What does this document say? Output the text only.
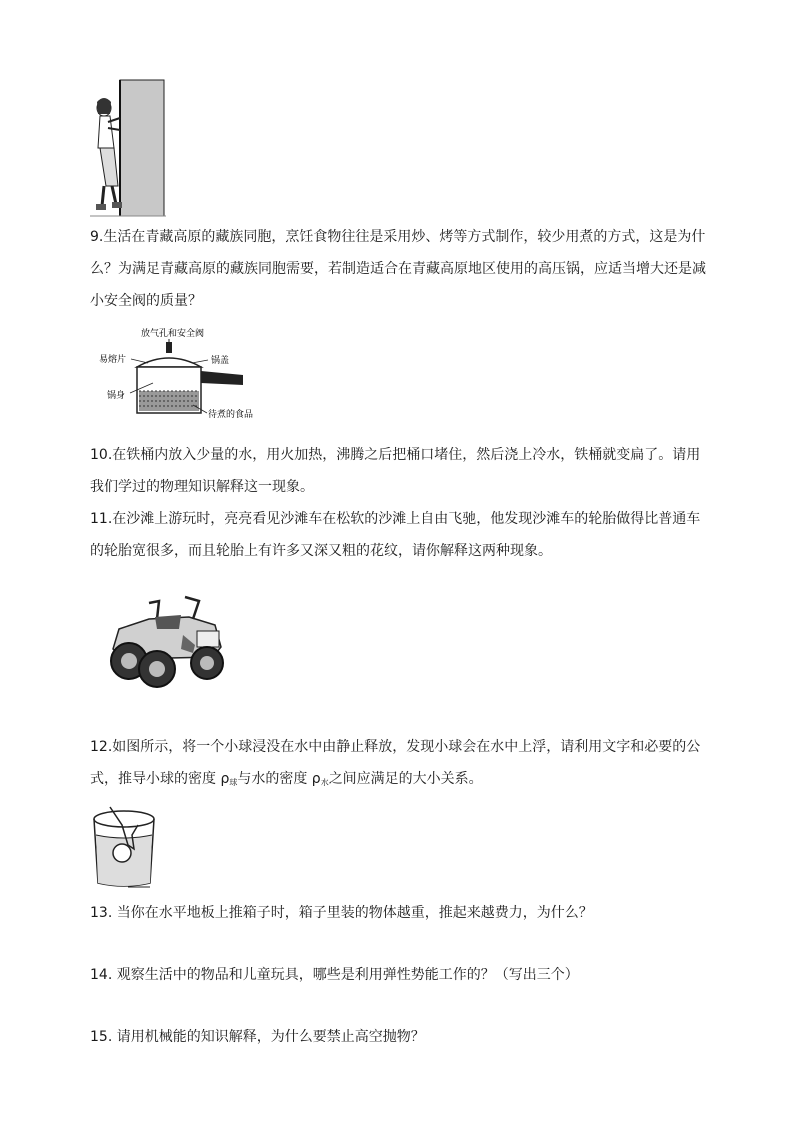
9.生活在青藏高原的藏族同胞，烹饪食物往往是采用炒、烤等方式制作，较少用煮的方式，这是为什
么？为满足青藏高原的藏族同胞需要，若制造适合在青藏高原地区使用的高压锅，应适当增大还是减
小安全阀的质量？
放气孔和安全阀
易熔片	锅盖
锅身
待煮的食品
10.在铁桶内放入少量的水，用火加热，沸腾之后把桶口堵住，然后浇上冷水，铁桶就变扁了。请用
我们学过的物理知识解释这一现象。
11.在沙滩上游玩时，亮亮看见沙滩车在松软的沙滩上自由飞驰，他发现沙滩车的轮胎做得比普通车
的轮胎宽很多，而且轮胎上有许多又深又粗的花纹，请你解释这两种现象。
12.如图所示，将一个小球浸没在水中由静止释放，发现小球会在水中上浮，请利用文字和必要的公
式，推导小球的密度 $\rho_球$与水的密度 $\rho_水$之间应满足的大小关系。
13. 当你在水平地板上推箱子时，箱子里装的物体越重，推起来越费力，为什么？
14. 观察生活中的物品和儿童玩具，哪些是利用弹性势能工作的？（写出三个）
15. 请用机械能的知识解释，为什么要禁止高空抛物？
